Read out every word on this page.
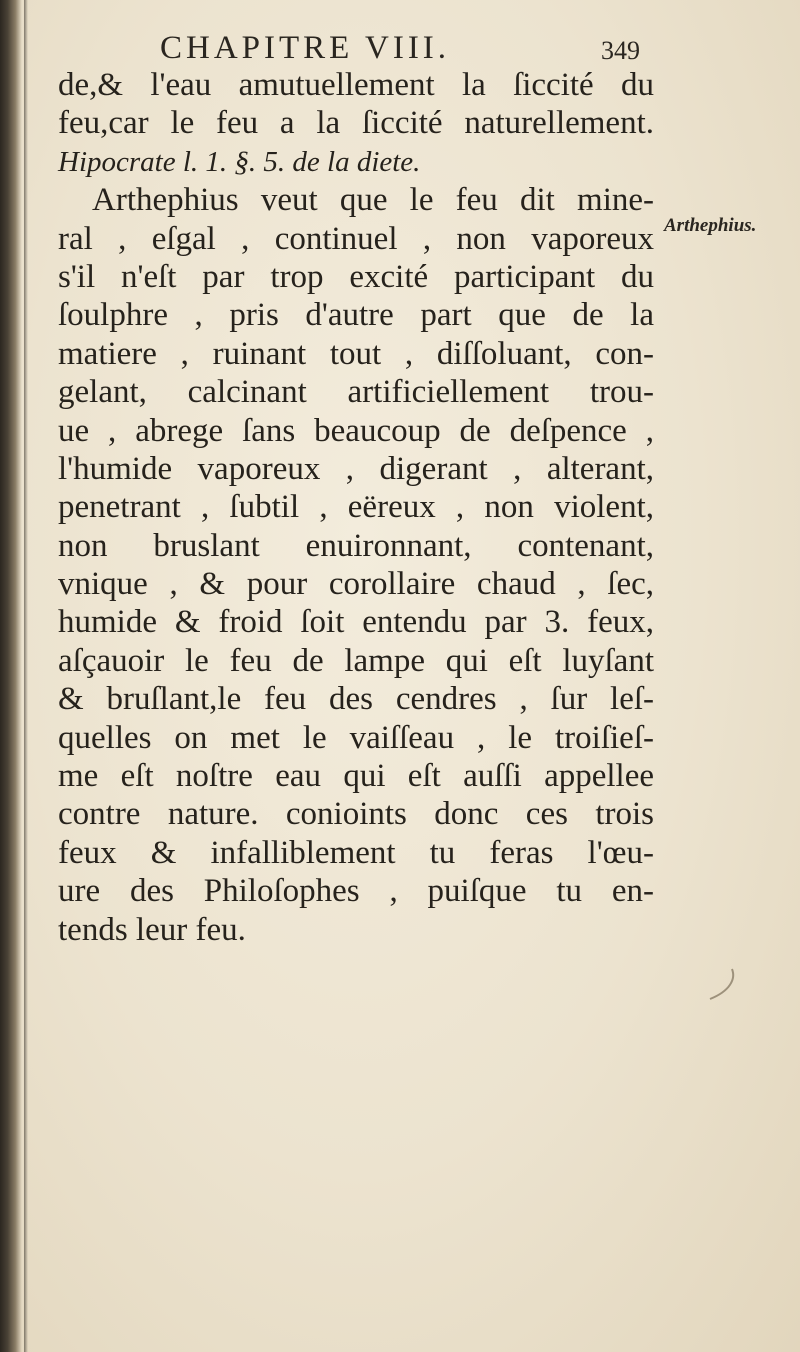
CHAPITRE VIII.	349
Arthephius.
de,& l'eau amutuellement la ſiccité du
feu,car le feu a la ſiccité naturellement.
Hipocrate l. 1. §. 5. de la diete.
Arthephius veut que le feu dit mine-
ral , eſgal , continuel , non vaporeux
s'il n'eſt par trop excité participant du
ſoulphre , pris d'autre part que de la
matiere , ruinant tout , diſſoluant, con-
gelant, calcinant artificiellement trou-
ue , abrege ſans beaucoup de deſpence ,
l'humide vaporeux , digerant , alterant,
penetrant , ſubtil , eëreux , non violent,
non bruslant enuironnant, contenant,
vnique , & pour corollaire chaud , ſec,
humide & froid ſoit entendu par 3. feux,
aſçauoir le feu de lampe qui eſt luyſant
& bruſlant,le feu des cendres , ſur leſ-
quelles on met le vaiſſeau , le troiſieſ-
me eſt noſtre eau qui eſt auſſi appellee
contre nature. conioints donc ces trois
feux & infalliblement tu feras l'œu-
ure des Philoſophes , puiſque tu en-
tends leur feu.
